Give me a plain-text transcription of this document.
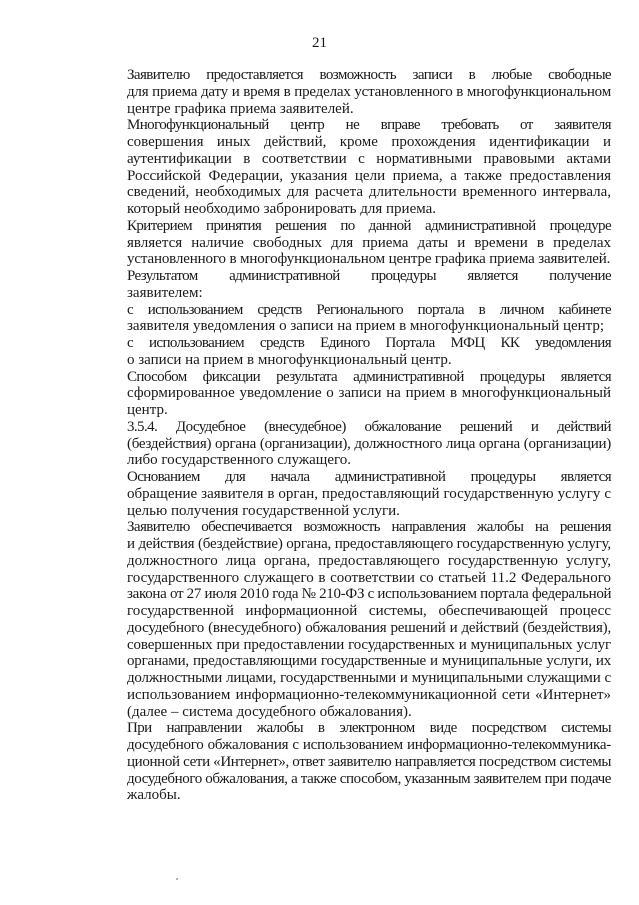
21

Заявителю предоставляется возможность записи в любые свободные
для приема дату и время в пределах установленного в многофункциональном
центре графика приема заявителей.

Многофункциональный центр не вправе требовать от заявителя
совершения иных действий, кроме прохождения идентификации и
аутентификации в соответствии с нормативными правовыми актами
Российской Федерации, указания цели приема, а также предоставления
сведений, необходимых для расчета длительности временного интервала,
который необходимо забронировать для приема.

Критерием принятия решения по данной административной процедуре
является наличие свободных для приема даты и времени в пределах
установленного в многофункциональном центре графика приема заявителей.

Результатом административной процедуры является получение
заявителем:

с использованием средств Регионального портала в личном кабинете
заявителя уведомления о записи на прием в многофункциональный центр;

с использованием средств Единого Портала МФЦ КК уведомления
о записи на прием в многофункциональный центр.

Способом фиксации результата административной процедуры является
сформированное уведомление о записи на прием в многофункциональный
центр.

3.5.4. Досудебное (внесудебное) обжалование решений и действий
(бездействия) органа (организации), должностного лица органа (организации)
либо государственного служащего.

Основанием для начала административной процедуры является
обращение заявителя в орган, предоставляющий государственную услугу с
целью получения государственной услуги.

Заявителю обеспечивается возможность направления жалобы на решения
и действия (бездействие) органа, предоставляющего государственную услугу,
должностного лица органа, предоставляющего государственную услугу,
государственного служащего в соответствии со статьей 11.2 Федерального
закона от 27 июля 2010 года № 210-ФЗ с использованием портала федеральной
государственной информационной системы, обеспечивающей процесс
досудебного (внесудебного) обжалования решений и действий (бездействия),
совершенных при предоставлении государственных и муниципальных услуг
органами, предоставляющими государственные и муниципальные услуги, их
должностными лицами, государственными и муниципальными служащими с
использованием информационно-телекоммуникационной сети «Интернет»
(далее – система досудебного обжалования).

При направлении жалобы в электронном виде посредством системы
досудебного обжалования с использованием информационно-телекоммуника-
ционной сети «Интернет», ответ заявителю направляется посредством системы
досудебного обжалования, а также способом, указанным заявителем при подаче
жалобы.
